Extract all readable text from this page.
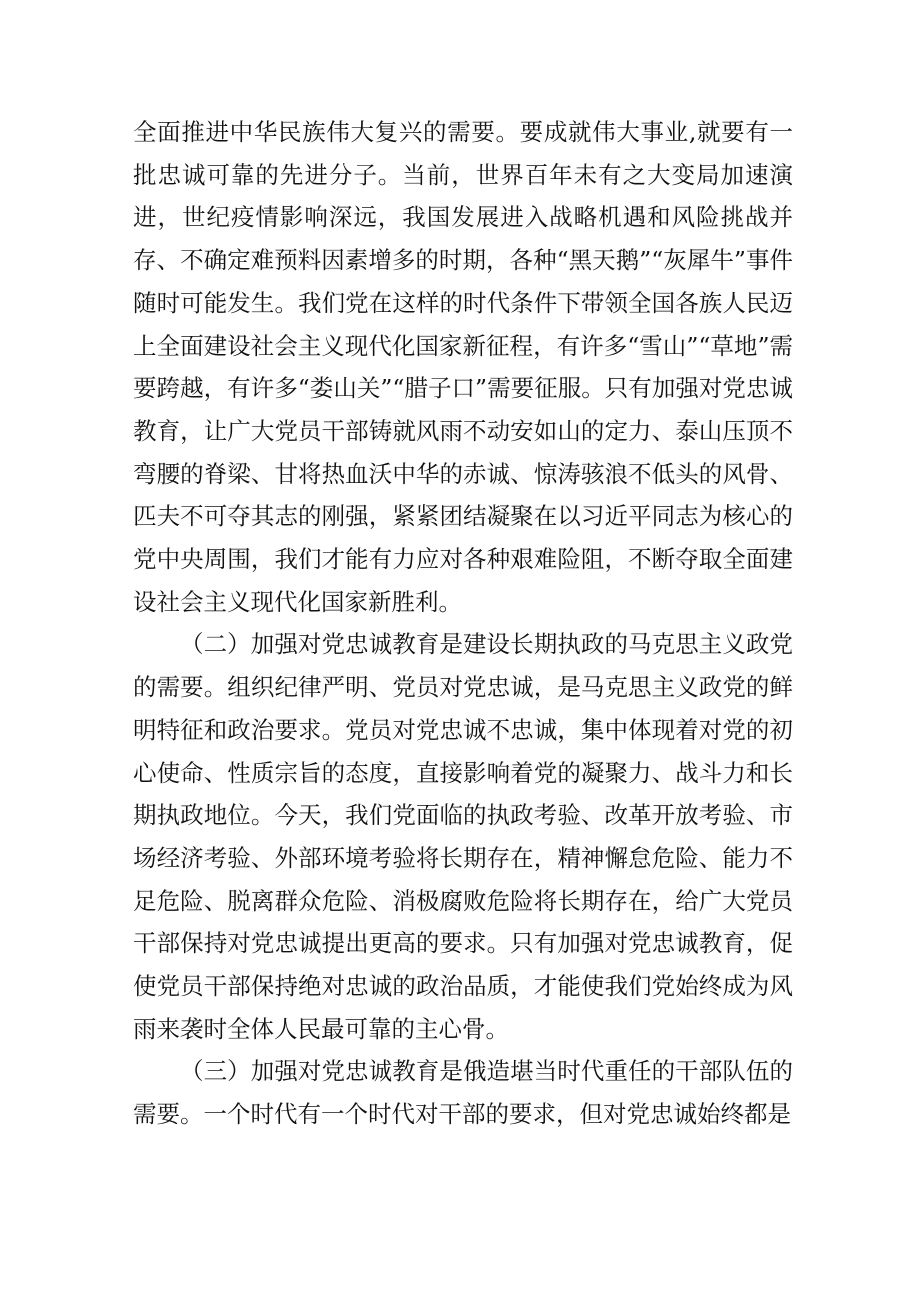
全面推进中华民族伟大复兴的需要。要成就伟大事业,就要有一批忠诚可靠的先进分子。当前，世界百年未有之大变局加速演进，世纪疫情影响深远，我国发展进入战略机遇和风险挑战并存、不确定难预料因素增多的时期，各种“黑天鹅”“灰犀牛”事件随时可能发生。我们党在这样的时代条件下带领全国各族人民迈上全面建设社会主义现代化国家新征程，有许多“雪山”“草地”需要跨越，有许多“娄山关”“腊子口”需要征服。只有加强对党忠诚教育，让广大党员干部铸就风雨不动安如山的定力、泰山压顶不弯腰的脊梁、甘将热血沃中华的赤诚、惊涛骇浪不低头的风骨、匹夫不可夺其志的刚强，紧紧团结凝聚在以习近平同志为核心的党中央周围，我们才能有力应对各种艰难险阻，不断夺取全面建设社会主义现代化国家新胜利。

（二）加强对党忠诚教育是建设长期执政的马克思主义政党的需要。组织纪律严明、党员对党忠诚，是马克思主义政党的鲜明特征和政治要求。党员对党忠诚不忠诚，集中体现着对党的初心使命、性质宗旨的态度，直接影响着党的凝聚力、战斗力和长期执政地位。今天，我们党面临的执政考验、改革开放考验、市场经济考验、外部环境考验将长期存在，精神懈怠危险、能力不足危险、脱离群众危险、消极腐败危险将长期存在，给广大党员干部保持对党忠诚提出更高的要求。只有加强对党忠诚教育，促使党员干部保持绝对忠诚的政治品质，才能使我们党始终成为风雨来袭时全体人民最可靠的主心骨。

（三）加强对党忠诚教育是俄造堪当时代重任的干部队伍的需要。一个时代有一个时代对干部的要求，但对党忠诚始终都是
